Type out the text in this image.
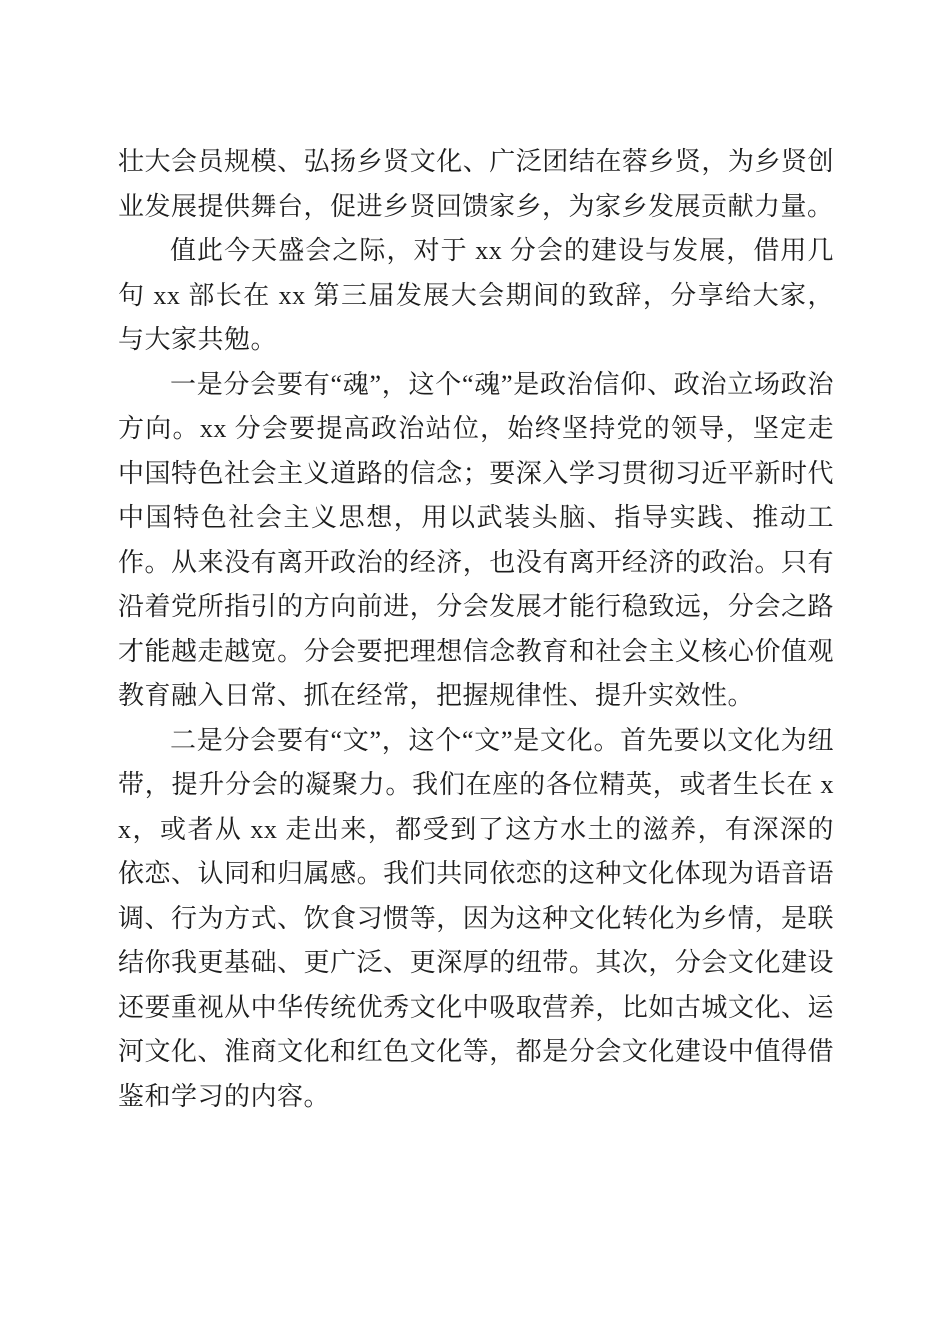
壮大会员规模、弘扬乡贤文化、广泛团结在蓉乡贤，为乡贤创业发展提供舞台，促进乡贤回馈家乡，为家乡发展贡献力量。

值此今天盛会之际，对于 xx 分会的建设与发展，借用几句 xx 部长在 xx 第三届发展大会期间的致辞，分享给大家，与大家共勉。

一是分会要有“魂”，这个“魂”是政治信仰、政治立场政治方向。xx 分会要提高政治站位，始终坚持党的领导，坚定走中国特色社会主义道路的信念；要深入学习贯彻习近平新时代中国特色社会主义思想，用以武装头脑、指导实践、推动工作。从来没有离开政治的经济，也没有离开经济的政治。只有沿着党所指引的方向前进，分会发展才能行稳致远，分会之路才能越走越宽。分会要把理想信念教育和社会主义核心价值观教育融入日常、抓在经常，把握规律性、提升实效性。

二是分会要有“文”，这个“文”是文化。首先要以文化为纽带，提升分会的凝聚力。我们在座的各位精英，或者生长在 xx，或者从 xx 走出来，都受到了这方水土的滋养，有深深的依恋、认同和归属感。我们共同依恋的这种文化体现为语音语调、行为方式、饮食习惯等，因为这种文化转化为乡情，是联结你我更基础、更广泛、更深厚的纽带。其次，分会文化建设还要重视从中华传统优秀文化中吸取营养，比如古城文化、运河文化、淮商文化和红色文化等，都是分会文化建设中值得借鉴和学习的内容。
